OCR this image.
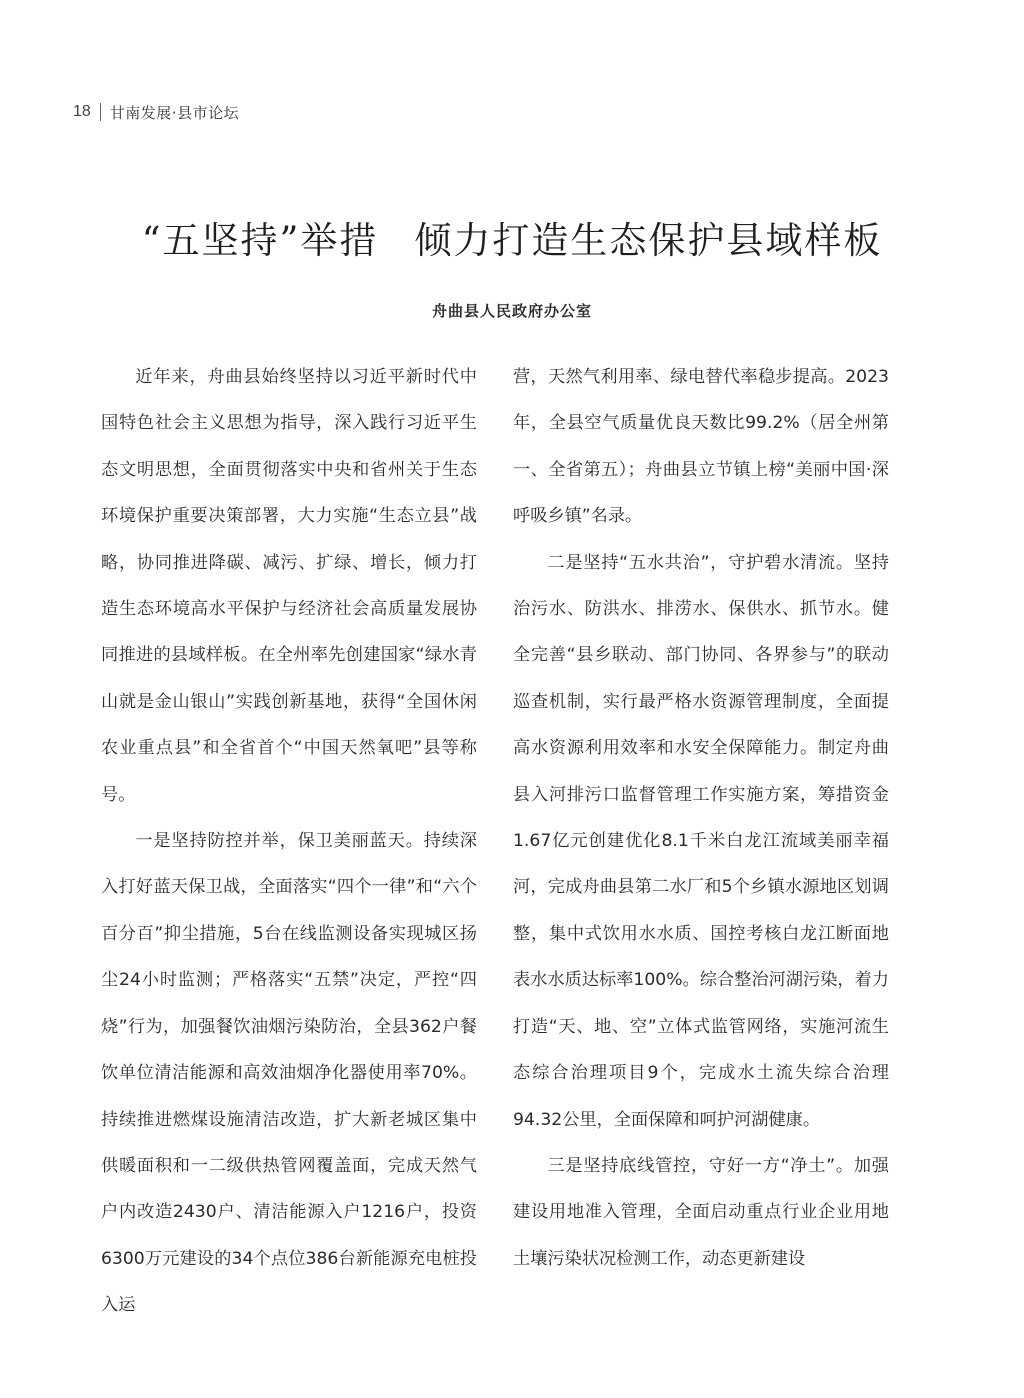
18 甘南发展·县市论坛
“五坚持”举措 倾力打造生态保护县域样板
舟曲县人民政府办公室

近年来，舟曲县始终坚持以习近平新时代中国特色社会主义思想为指导，深入践行习近平生态文明思想，全面贯彻落实中央和省州关于生态环境保护重要决策部署，大力实施“生态立县”战略，协同推进降碳、减污、扩绿、增长，倾力打造生态环境高水平保护与经济社会高质量发展协同推进的县域样板。在全州率先创建国家“绿水青山就是金山银山”实践创新基地，获得“全国休闲农业重点县”和全省首个“中国天然氧吧”县等称号。

一是坚持防控并举，保卫美丽蓝天。持续深入打好蓝天保卫战，全面落实“四个一律”和“六个百分百”抑尘措施，5台在线监测设备实现城区扬尘24小时监测；严格落实“五禁”决定，严控“四烧”行为，加强餐饮油烟污染防治，全县362户餐饮单位清洁能源和高效油烟净化器使用率70%。持续推进燃煤设施清洁改造，扩大新老城区集中供暖面积和一二级供热管网覆盖面，完成天然气户内改造2430户、清洁能源入户1216户，投资6300万元建设的34个点位386台新能源充电桩投入运

营，天然气利用率、绿电替代率稳步提高。2023年，全县空气质量优良天数比99.2%（居全州第一、全省第五）；舟曲县立节镇上榜“美丽中国·深呼吸乡镇”名录。

二是坚持“五水共治”，守护碧水清流。坚持治污水、防洪水、排涝水、保供水、抓节水。健全完善“县乡联动、部门协同、各界参与”的联动巡查机制，实行最严格水资源管理制度，全面提高水资源利用效率和水安全保障能力。制定舟曲县入河排污口监督管理工作实施方案，筹措资金1.67亿元创建优化8.1千米白龙江流域美丽幸福河，完成舟曲县第二水厂和5个乡镇水源地区划调整，集中式饮用水水质、国控考核白龙江断面地表水水质达标率100%。综合整治河湖污染，着力打造“天、地、空”立体式监管网络，实施河流生态综合治理项目9个，完成水土流失综合治理94.32公里，全面保障和呵护河湖健康。

三是坚持底线管控，守好一方“净土”。加强建设用地准入管理，全面启动重点行业企业用地土壤污染状况检测工作，动态更新建设
